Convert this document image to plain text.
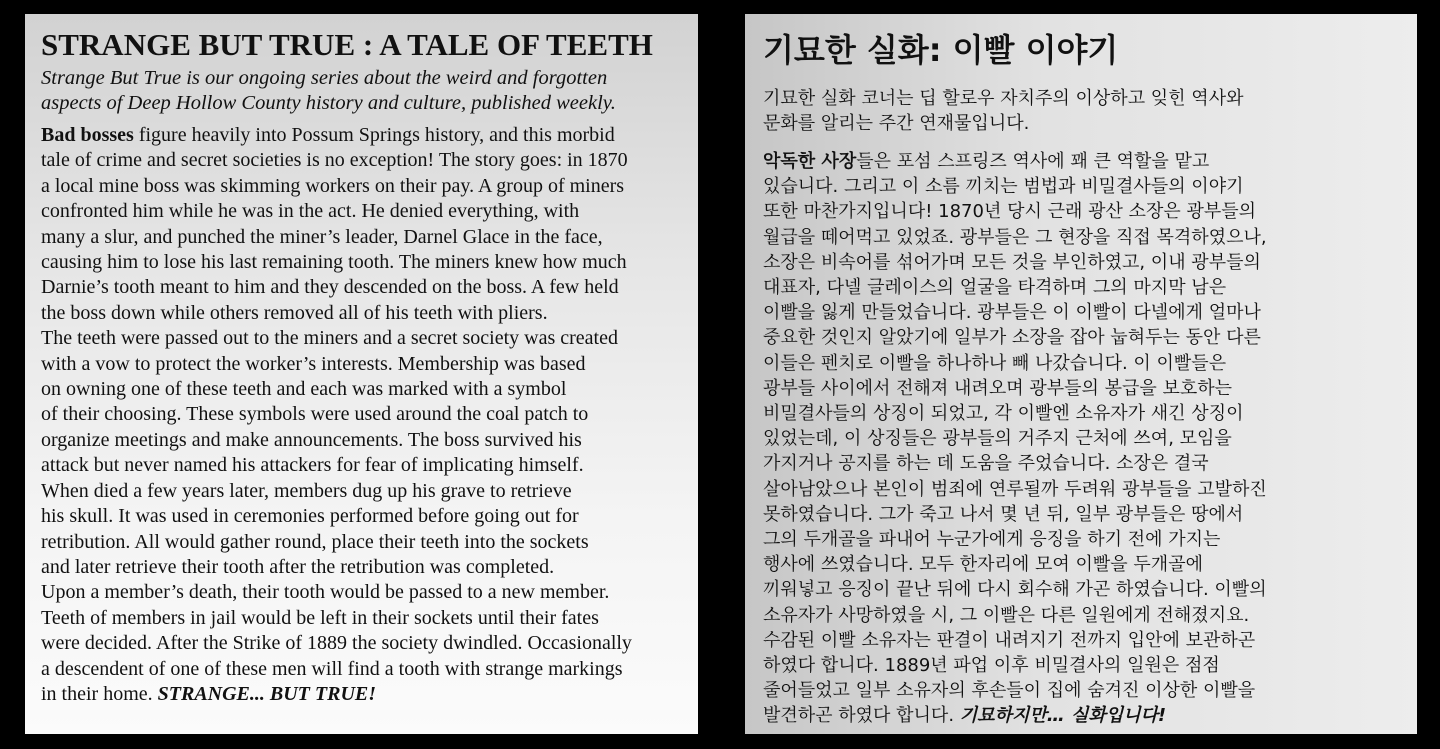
STRANGE BUT TRUE : A TALE OF TEETH

Strange But True is our ongoing series about the weird and forgotten
aspects of Deep Hollow County history and culture, published weekly.

Bad bosses figure heavily into Possum Springs history, and this morbid
tale of crime and secret societies is no exception! The story goes: in 1870
a local mine boss was skimming workers on their pay. A group of miners
confronted him while he was in the act. He denied everything, with
many a slur, and punched the miner’s leader, Darnel Glace in the face,
causing him to lose his last remaining tooth. The miners knew how much
Darnie’s tooth meant to him and they descended on the boss. A few held
the boss down while others removed all of his teeth with pliers.
The teeth were passed out to the miners and a secret society was created
with a vow to protect the worker’s interests. Membership was based
on owning one of these teeth and each was marked with a symbol
of their choosing. These symbols were used around the coal patch to
organize meetings and make announcements. The boss survived his
attack but never named his attackers for fear of implicating himself.
When died a few years later, members dug up his grave to retrieve
his skull. It was used in ceremonies performed before going out for
retribution. All would gather round, place their teeth into the sockets
and later retrieve their tooth after the retribution was completed.
Upon a member’s death, their tooth would be passed to a new member.
Teeth of members in jail would be left in their sockets until their fates
were decided. After the Strike of 1889 the society dwindled. Occasionally
a descendent of one of these men will find a tooth with strange markings
in their home. STRANGE... BUT TRUE!

기묘한 실화: 이빨 이야기

기묘한 실화 코너는 딥 할로우 자치주의 이상하고 잊힌 역사와
문화를 알리는 주간 연재물입니다.

악독한 사장들은 포섬 스프링즈 역사에 꽤 큰 역할을 맡고
있습니다. 그리고 이 소름 끼치는 범법과 비밀결사들의 이야기
또한 마찬가지입니다! 1870년 당시 근래 광산 소장은 광부들의
월급을 떼어먹고 있었죠. 광부들은 그 현장을 직접 목격하였으나,
소장은 비속어를 섞어가며 모든 것을 부인하였고, 이내 광부들의
대표자, 다넬 글레이스의 얼굴을 타격하며 그의 마지막 남은
이빨을 잃게 만들었습니다. 광부들은 이 이빨이 다넬에게 얼마나
중요한 것인지 알았기에 일부가 소장을 잡아 눕혀두는 동안 다른
이들은 펜치로 이빨을 하나하나 빼 나갔습니다. 이 이빨들은
광부들 사이에서 전해져 내려오며 광부들의 봉급을 보호하는
비밀결사들의 상징이 되었고, 각 이빨엔 소유자가 새긴 상징이
있었는데, 이 상징들은 광부들의 거주지 근처에 쓰여, 모임을
가지거나 공지를 하는 데 도움을 주었습니다. 소장은 결국
살아남았으나 본인이 범죄에 연루될까 두려워 광부들을 고발하진
못하였습니다. 그가 죽고 나서 몇 년 뒤, 일부 광부들은 땅에서
그의 두개골을 파내어 누군가에게 응징을 하기 전에 가지는
행사에 쓰였습니다. 모두 한자리에 모여 이빨을 두개골에
끼워넣고 응징이 끝난 뒤에 다시 회수해 가곤 하였습니다. 이빨의
소유자가 사망하였을 시, 그 이빨은 다른 일원에게 전해졌지요.
수감된 이빨 소유자는 판결이 내려지기 전까지 입안에 보관하곤
하였다 합니다. 1889년 파업 이후 비밀결사의 일원은 점점
줄어들었고 일부 소유자의 후손들이 집에 숨겨진 이상한 이빨을
발견하곤 하였다 합니다. 기묘하지만… 실화입니다!
